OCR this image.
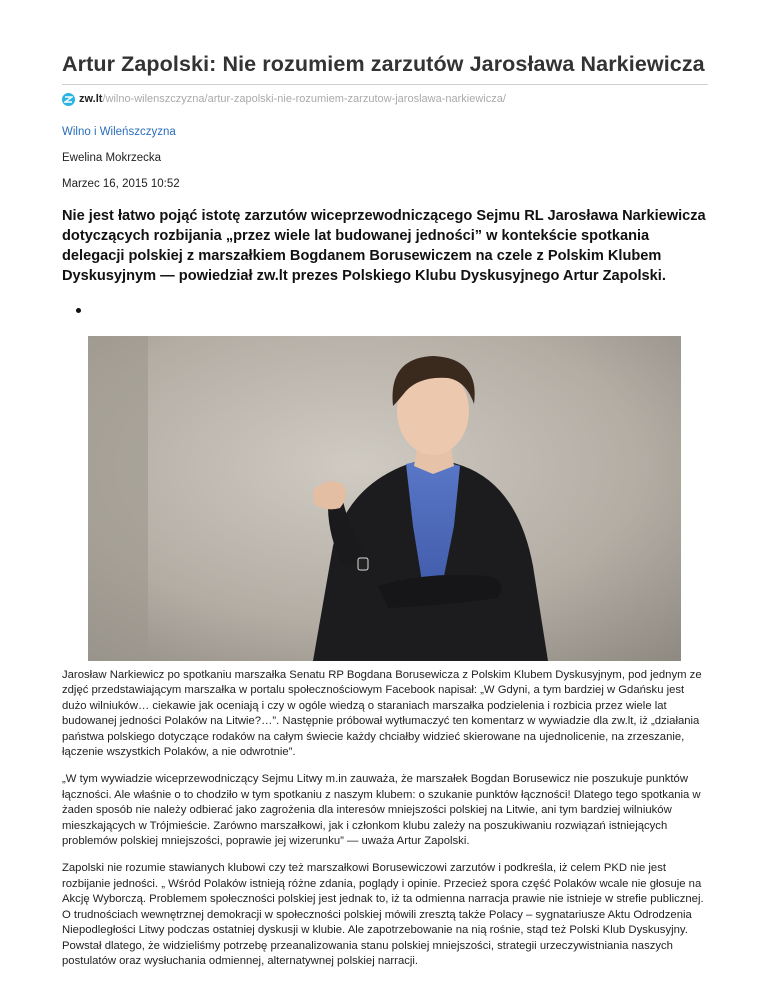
Artur Zapolski: Nie rozumiem zarzutów Jarosława Narkiewicza
zw.lt /wilno-wilenszczyzna/artur-zapolski-nie-rozumiem-zarzutow-jaroslawa-narkiewicza/
Wilno i Wileńszczyzna
Ewelina Mokrzecka
Marzec 16, 2015 10:52
Nie jest łatwo pojąć istotę zarzutów wiceprzewodniczącego Sejmu RL Jarosława Narkiewicza dotyczących rozbijania „przez wiele lat budowanej jedności” w kontekście spotkania delegacji polskiej z marszałkiem Bogdanem Borusewiczem na czele z Polskim Klubem Dyskusyjnym — powiedział zw.lt prezes Polskiego Klubu Dyskusyjnego Artur Zapolski.

Jarosław Narkiewicz po spotkaniu marszałka Senatu RP Bogdana Borusewicza z Polskim Klubem Dyskusyjnym, pod jednym ze zdjęć przedstawiającym marszałka w portalu społecznościowym Facebook napisał: „W Gdyni, a tym bardziej w Gdańsku jest dużo wilniuków… ciekawie jak oceniają i czy w ogóle wiedzą o staraniach marszałka podzielenia i rozbicia przez wiele lat budowanej jedności Polaków na Litwie?…”. Następnie próbował wytłumaczyć ten komentarz w wywiadzie dla zw.lt, iż „działania państwa polskiego dotyczące rodaków na całym świecie każdy chciałby widzieć skierowane na ujednolicenie, na zrzeszanie, łączenie wszystkich Polaków, a nie odwrotnie”.

„W tym wywiadzie wiceprzewodniczący Sejmu Litwy m.in zauważa, że marszałek Bogdan Borusewicz nie poszukuje punktów łączności. Ale właśnie o to chodziło w tym spotkaniu z naszym klubem: o szukanie punktów łączności! Dlatego tego spotkania w żaden sposób nie należy odbierać jako zagrożenia dla interesów mniejszości polskiej na Litwie, ani tym bardziej wilniuków mieszkających w Trójmieście. Zarówno marszałkowi, jak i członkom klubu zależy na poszukiwaniu rozwiązań istniejących problemów polskiej mniejszości, poprawie jej wizerunku” — uważa Artur Zapolski.

Zapolski nie rozumie stawianych klubowi czy też marszałkowi Borusewiczowi zarzutów i podkreśla, iż celem PKD nie jest rozbijanie jedności. „ Wśród Polaków istnieją różne zdania, poglądy i opinie. Przecież spora część Polaków wcale nie głosuje na Akcję Wyborczą. Problemem społeczności polskiej jest jednak to, iż ta odmienna narracja prawie nie istnieje w strefie publicznej. O trudnościach wewnętrznej demokracji w społeczności polskiej mówili zresztą także Polacy – sygnatariusze Aktu Odrodzenia Niepodległości Litwy podczas ostatniej dyskusji w klubie. Ale zapotrzebowanie na nią rośnie, stąd też Polski Klub Dyskusyjny. Powstał dlatego, że widzieliśmy potrzebę przeanalizowania stanu polskiej mniejszości, strategii urzeczywistniania naszych postulatów oraz wysłuchania odmiennej, alternatywnej polskiej narracji.
